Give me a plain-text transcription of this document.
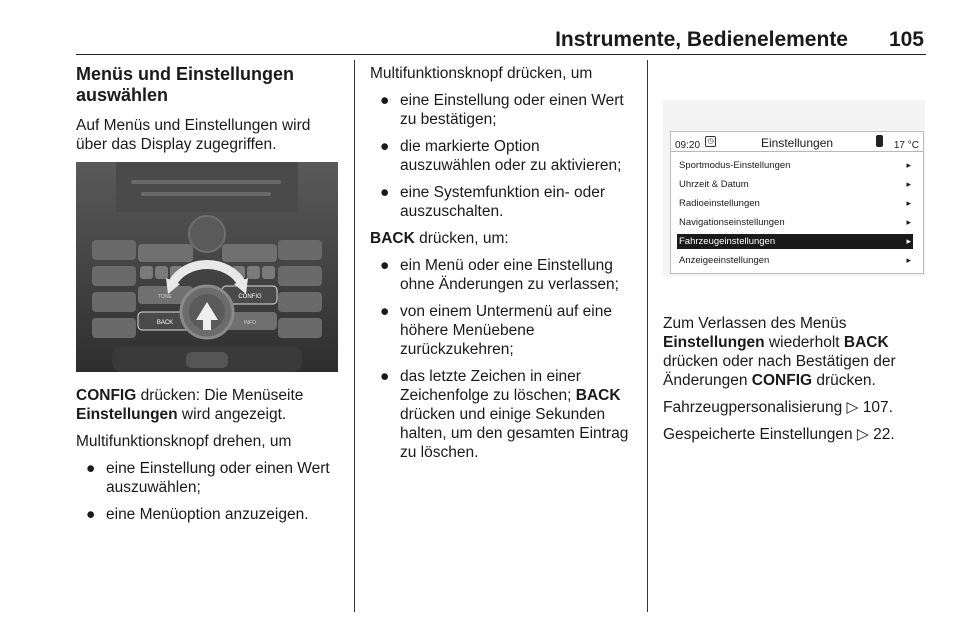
Instrumente, Bedienelemente 105
Menüs und Einstellungen auswählen

Auf Menüs und Einstellungen wird über das Display zugegriffen.

CONFIG
BACK
TONE
INFO

CONFIG drücken: Die Menüseite Einstellungen wird angezeigt.

Multifunktionsknopf drehen, um

● eine Einstellung oder einen Wert auszuwählen;
● eine Menüoption anzuzeigen.

Multifunktionsknopf drücken, um

● eine Einstellung oder einen Wert zu bestätigen;
● die markierte Option auszuwählen oder zu aktivieren;
● eine Systemfunktion ein- oder auszuschalten.

BACK drücken, um:

● ein Menü oder eine Einstellung ohne Änderungen zu verlassen;
● von einem Untermenü auf eine höhere Menüebene zurückzukehren;
● das letzte Zeichen in einer Zeichenfolge zu löschen; BACK drücken und einige Sekunden halten, um den gesamten Eintrag zu löschen.
09:20	◷	Einstellungen	17 °C
Sportmodus-Einstellungen	▸
Uhrzeit & Datum	▸
Radioeinstellungen	▸
Navigationseinstellungen	▸
Fahrzeugeinstellungen	▸
Anzeigeeinstellungen	▸

Zum Verlassen des Menüs Einstellungen wiederholt BACK drücken oder nach Bestätigen der Änderungen CONFIG drücken.

Fahrzeugpersonalisierung ▷ 107.

Gespeicherte Einstellungen ▷ 22.
